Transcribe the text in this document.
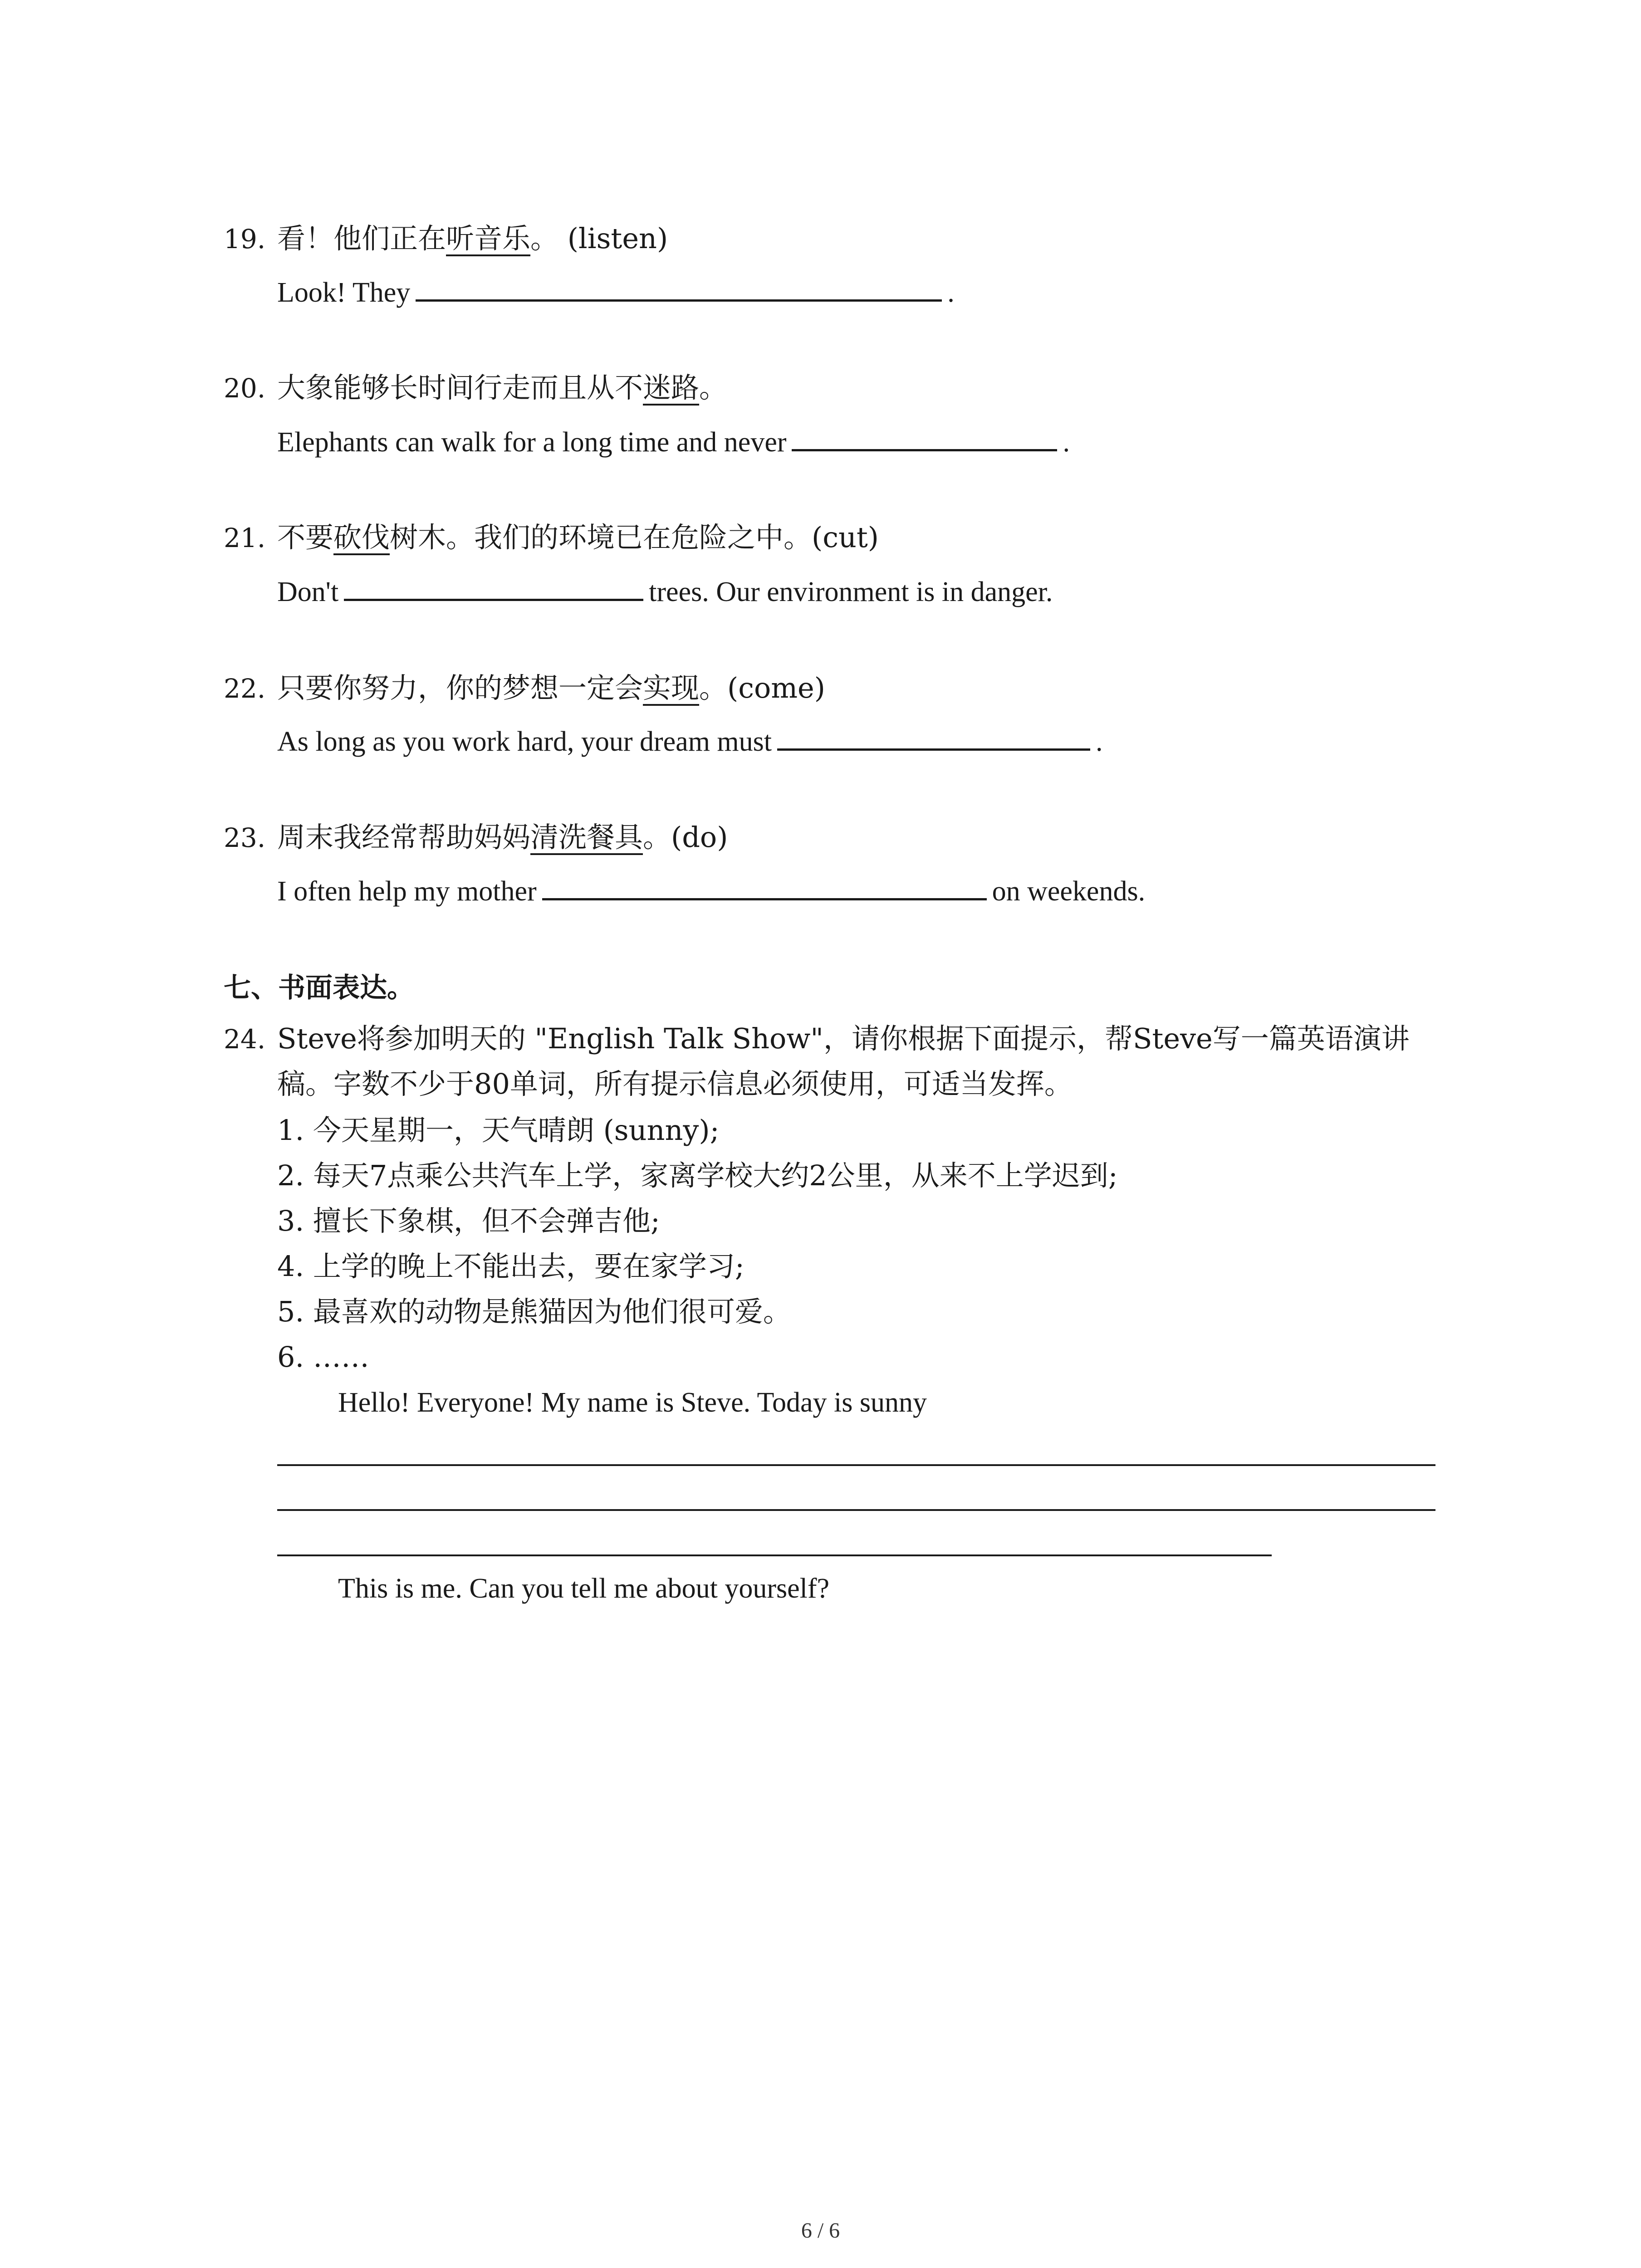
19. 看！他们正在听音乐。 (listen)
Look! They	.
20. 大象能够长时间行走而且从不迷路。
Elephants can walk for a long time and never	.
21. 不要砍伐树木。我们的环境已在危险之中。(cut)
Don't	trees. Our environment is in danger.
22. 只要你努力，你的梦想一定会实现。(come)
As long as you work hard, your dream must	.
23. 周末我经常帮助妈妈清洗餐具。(do)
I often help my mother	on weekends.
七、书面表达。
24. Steve将参加明天的 "English Talk Show"，请你根据下面提示，帮Steve写一篇英语演讲
稿。字数不少于80单词，所有提示信息必须使用，可适当发挥。
1. 今天星期一，天气晴朗 (sunny);
2. 每天7点乘公共汽车上学，家离学校大约2公里，从来不上学迟到;
3. 擅长下象棋，但不会弹吉他;
4. 上学的晚上不能出去，要在家学习;
5. 最喜欢的动物是熊猫因为他们很可爱。
6. ……
Hello! Everyone! My name is Steve. Today is sunny
This is me. Can you tell me about yourself?
6 / 6
